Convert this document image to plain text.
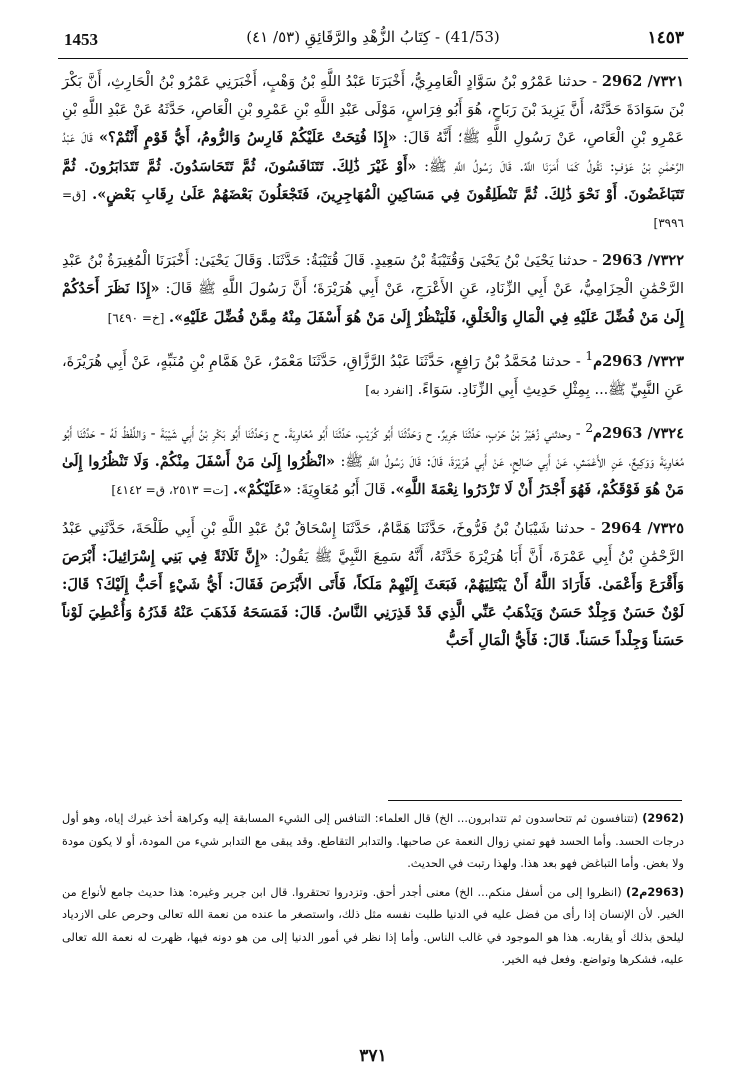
1453	(41/53) - كِتَابُ الزُّهْدِ والرَّقَائِقِ (٥٣/ ٤١)	١٤٥٣

٧٣٢١/ 2962 - حدثنا عَمْرُو بْنُ سَوَّادٍ الْعَامِرِيُّ، أَخْبَرَنَا عَبْدُ اللَّهِ بْنُ وَهْبٍ، أَخْبَرَنِي عَمْرُو بْنُ الْحَارِثِ، أَنَّ بَكْرَ بْنَ سَوَادَةَ حَدَّثَهُ، أَنَّ يَزِيدَ بْنَ رَبَاحٍ، هُوَ أَبُو فِرَاسٍ، مَوْلَى عَبْدِ اللَّهِ بْنِ عَمْرِو بْنِ الْعَاصِ، حَدَّثَهُ عَنْ عَبْدِ اللَّهِ بْنِ عَمْرِو بْنِ الْعَاصِ، عَنْ رَسُولِ اللَّهِ ﷺ؛ أَنَّهُ قَالَ: «إِذَا فُتِحَتْ عَلَيْكُمْ فَارِسُ وَالرُّومُ، أَيُّ قَوْمٍ أَنْتُمْ؟» قَالَ عَبْدُ الرَّحْمَٰنِ بْنُ عَوْفٍ: نَقُولُ كَمَا أَمَرَنَا اللَّهُ. قَالَ رَسُولُ اللَّهِ ﷺ: «أَوْ غَيْرَ ذَٰلِكَ. تَتَنَافَسُونَ، ثُمَّ تَتَحَاسَدُونَ. ثُمَّ تَتَدَابَرُونَ. ثُمَّ تَتَبَاغَضُونَ. أَوْ نَحْوَ ذَٰلِكَ. ثُمَّ تَنْطَلِقُونَ فِي مَسَاكِينِ الْمُهَاجِرِينَ، فَتَجْعَلُونَ بَعْضَهُمْ عَلَىٰ رِقَابِ بَعْضٍ». [ق= ٣٩٩٦]

٧٣٢٢/ 2963 - حدثنا يَحْيَىٰ بْنُ يَحْيَىٰ وَقُتَيْبَةُ بْنُ سَعِيدٍ. قَالَ قُتَيْبَةُ: حَدَّثَنَا. وَقَالَ يَحْيَىٰ: أَخْبَرَنَا الْمُغِيرَةُ بْنُ عَبْدِ الرَّحْمَٰنِ الْحِزَامِيُّ، عَنْ أَبِي الزِّنَادِ، عَنِ الأَعْرَجِ، عَنْ أَبِي هُرَيْرَةَ؛ أَنَّ رَسُولَ اللَّهِ ﷺ قَالَ: «إِذَا نَظَرَ أَحَدُكُمْ إِلَىٰ مَنْ فُضِّلَ عَلَيْهِ فِي الْمَالِ وَالْخَلْقِ، فَلْيَنْظُرْ إِلَىٰ مَنْ هُوَ أَسْفَلَ مِنْهُ مِمَّنْ فُضِّلَ عَلَيْهِ». [خ= ٦٤٩٠]

٧٣٢٣/ 2963م$^1$ - حدثنا مُحَمَّدُ بْنُ رَافِعٍ، حَدَّثَنَا عَبْدُ الرَّزَّاقِ، حَدَّثَنَا مَعْمَرٌ، عَنْ هَمَّامِ بْنِ مُنَبِّهٍ، عَنْ أَبِي هُرَيْرَةَ، عَنِ النَّبِيِّ ﷺ... بِمِثْلِ حَدِيثِ أَبِي الزِّنَادِ. سَوَاءً. [انفرد به]

٧٣٢٤/ 2963م$^2$ - وحدثني زُهَيْرُ بْنُ حَرْبٍ، حَدَّثَنَا جَرِيرٌ. ح وَحَدَّثَنَا أَبُو كُرَيْبٍ، حَدَّثَنَا أَبُو مُعَاوِيَةَ. ح وَحَدَّثَنَا أَبُو بَكْرِ بْنُ أَبِي شَيْبَةَ - وَاللَّفْظُ لَهُ - حَدَّثَنَا أَبُو مُعَاوِيَةَ وَوَكِيعٌ، عَنِ الأَعْمَشِ، عَنْ أَبِي صَالِحٍ، عَنْ أَبِي هُرَيْرَةَ، قَالَ: قَالَ رَسُولُ اللَّهِ ﷺ: «انْظُرُوا إِلَىٰ مَنْ أَسْفَلَ مِنْكُمْ. وَلَا تَنْظُرُوا إِلَىٰ مَنْ هُوَ فَوْقَكُمْ، فَهُوَ أَجْدَرُ أَنْ لَا تَزْدَرُوا نِعْمَةَ اللَّهِ». قَالَ أَبُو مُعَاوِيَةَ: «عَلَيْكُمْ». [ت= ٢٥١٣، ق= ٤١٤٢]

٧٣٢٥/ 2964 - حدثنا شَيْبَانُ بْنُ فَرُّوخَ، حَدَّثَنَا هَمَّامٌ، حَدَّثَنَا إِسْحَاقُ بْنُ عَبْدِ اللَّهِ بْنِ أَبِي طَلْحَةَ، حَدَّثَنِي عَبْدُ الرَّحْمَٰنِ بْنُ أَبِي عَمْرَةَ، أَنَّ أَبَا هُرَيْرَةَ حَدَّثَهُ، أَنَّهُ سَمِعَ النَّبِيَّ ﷺ يَقُولُ: «إِنَّ ثَلَاثَةً فِي بَنِي إِسْرَائِيلَ: أَبْرَصَ وَأَقْرَعَ وَأَعْمَىٰ. فَأَرَادَ اللَّهُ أَنْ يَبْتَلِيَهُمْ، فَبَعَثَ إِلَيْهِمْ مَلَكاً، فَأَتَى الأَبْرَصَ فَقَالَ: أَيُّ شَيْءٍ أَحَبُّ إِلَيْكَ؟ قَالَ: لَوْنٌ حَسَنٌ وَجِلْدٌ حَسَنٌ وَيَذْهَبُ عَنِّي الَّذِي قَدْ قَذِرَنِي النَّاسُ. قَالَ: فَمَسَحَهُ فَذَهَبَ عَنْهُ قَذَرُهُ وَأُعْطِيَ لَوْناً حَسَناً وَجِلْداً حَسَناً. قَالَ: فَأَيُّ الْمَالِ أَحَبُّ

(2962) (تتنافسون ثم تتحاسدون ثم تتدابرون... الخ) قال العلماء: التنافس إلى الشيء المسابقة إليه وكراهة أخذ غيرك إياه، وهو أول درجات الحسد. وأما الحسد فهو تمني زوال النعمة عن صاحبها. والتدابر التقاطع. وقد يبقى مع التدابر شيء من المودة، أو لا يكون مودة ولا بغض. وأما التباغض فهو بعد هذا. ولهذا رتبت في الحديث.

(2963م2) (انظروا إلى من أسفل منكم... الخ) معنى أجدر أحق. وتزدروا تحتقروا. قال ابن جرير وغيره: هذا حديث جامع لأنواع من الخير. لأن الإنسان إذا رأى من فضل عليه في الدنيا طلبت نفسه مثل ذلك، واستصغر ما عنده من نعمة الله تعالى وحرص على الازدياد ليلحق بذلك أو يقاربه. هذا هو الموجود في غالب الناس. وأما إذا نظر في أمور الدنيا إلى من هو دونه فيها، ظهرت له نعمة الله تعالى عليه، فشكرها وتواضع. وفعل فيه الخير.

٣٧١
